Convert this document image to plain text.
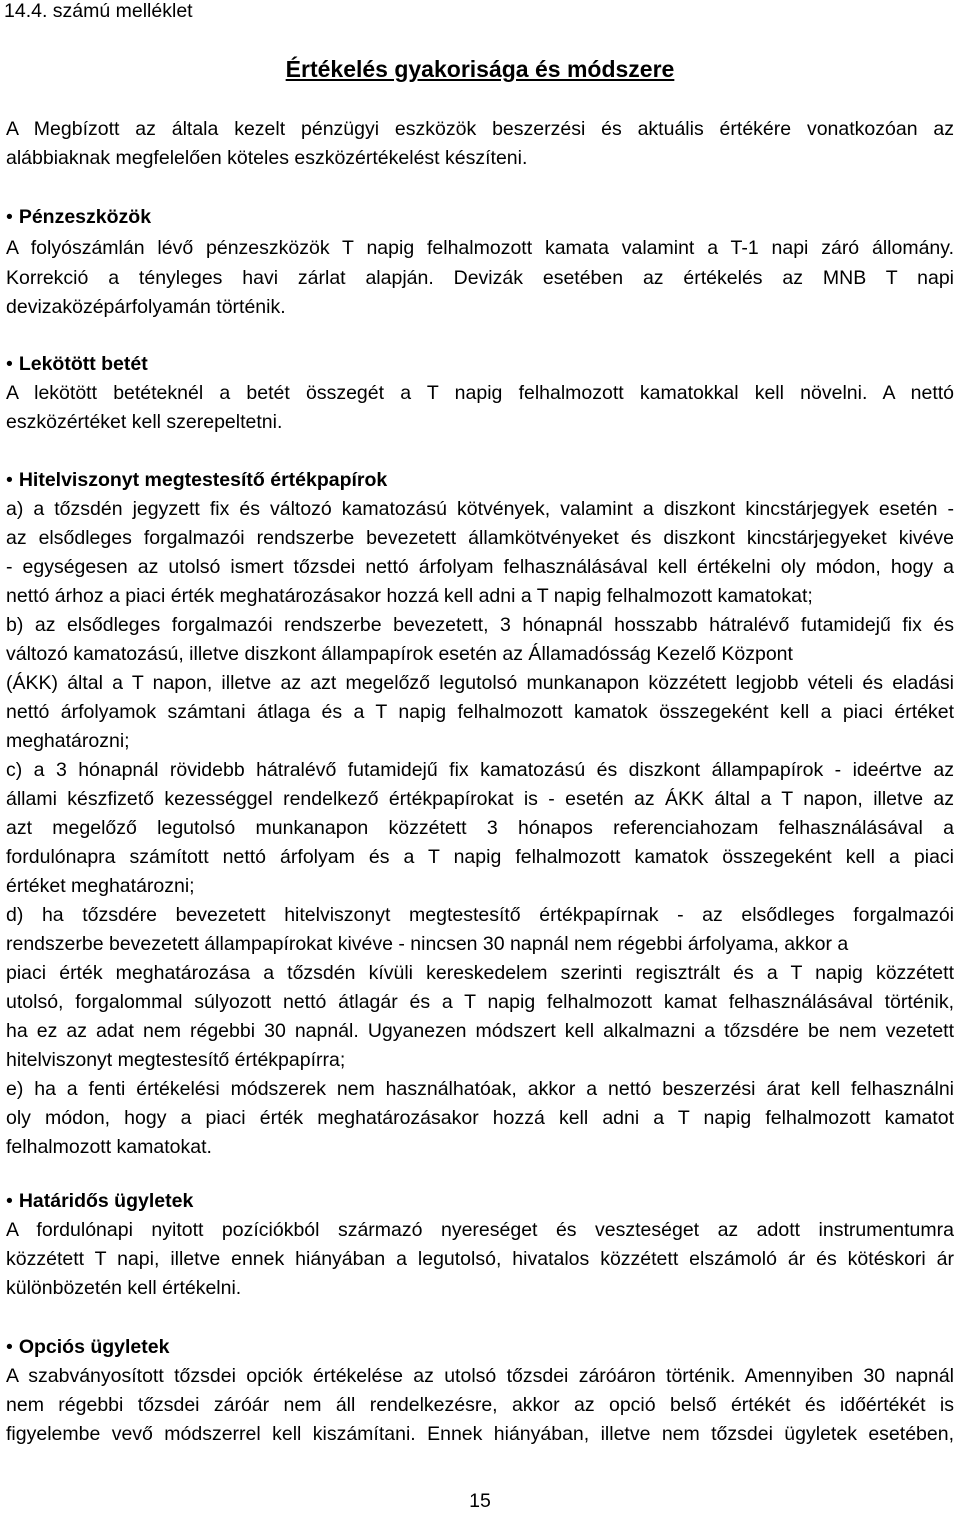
14.4. számú melléklet

Értékelés gyakorisága és módszere

A Megbízott az általa kezelt pénzügyi eszközök beszerzési és aktuális értékére vonatkozóan az

alábbiaknak megfelelően köteles eszközértékelést készíteni.

• Pénzeszközök

A folyószámlán lévő pénzeszközök T napig felhalmozott kamata valamint a T-1 napi záró állomány.

Korrekció a tényleges havi zárlat alapján. Devizák esetében az értékelés az MNB T napi

devizaközépárfolyamán történik.

• Lekötött betét

A lekötött betéteknél a betét összegét a T napig felhalmozott kamatokkal kell növelni. A nettó

eszközértéket kell szerepeltetni.

• Hitelviszonyt megtestesítő értékpapírok

a) a tőzsdén jegyzett fix és változó kamatozású kötvények, valamint a diszkont kincstárjegyek esetén -

az elsődleges forgalmazói rendszerbe bevezetett államkötvényeket és diszkont kincstárjegyeket kivéve

- egységesen az utolsó ismert tőzsdei nettó árfolyam felhasználásával kell értékelni oly módon, hogy a

nettó árhoz a piaci érték meghatározásakor hozzá kell adni a T napig felhalmozott kamatokat;

b) az elsődleges forgalmazói rendszerbe bevezetett, 3 hónapnál hosszabb hátralévő futamidejű fix és

változó kamatozású, illetve diszkont állampapírok esetén az Államadósság Kezelő Központ

(ÁKK) által a T napon, illetve az azt megelőző legutolsó munkanapon közzétett legjobb vételi és eladási

nettó árfolyamok számtani átlaga és a T napig felhalmozott kamatok összegeként kell a piaci értéket

meghatározni;

c) a 3 hónapnál rövidebb hátralévő futamidejű fix kamatozású és diszkont állampapírok - ideértve az

állami készfizető kezességgel rendelkező értékpapírokat is - esetén az ÁKK által a T napon, illetve az

azt megelőző legutolsó munkanapon közzétett 3 hónapos referenciahozam felhasználásával a

fordulónapra számított nettó árfolyam és a T napig felhalmozott kamatok összegeként kell a piaci

értéket meghatározni;

d) ha tőzsdére bevezetett hitelviszonyt megtestesítő értékpapírnak - az elsődleges forgalmazói

rendszerbe bevezetett állampapírokat kivéve - nincsen 30 napnál nem régebbi árfolyama, akkor a

piaci érték meghatározása a tőzsdén kívüli kereskedelem szerinti regisztrált és a T napig közzétett

utolsó, forgalommal súlyozott nettó átlagár és a T napig felhalmozott kamat felhasználásával történik,

ha ez az adat nem régebbi 30 napnál. Ugyanezen módszert kell alkalmazni a tőzsdére be nem vezetett

hitelviszonyt megtestesítő értékpapírra;

e) ha a fenti értékelési módszerek nem használhatóak, akkor a nettó beszerzési árat kell felhasználni

oly módon, hogy a piaci érték meghatározásakor hozzá kell adni a T napig felhalmozott kamatot

felhalmozott kamatokat.

• Határidős ügyletek

A fordulónapi nyitott pozíciókból származó nyereséget és veszteséget az adott instrumentumra

közzétett T napi, illetve ennek hiányában a legutolsó, hivatalos közzétett elszámoló ár és kötéskori ár

különbözetén kell értékelni.

• Opciós ügyletek

A szabványosított tőzsdei opciók értékelése az utolsó tőzsdei záróáron történik. Amennyiben 30 napnál

nem régebbi tőzsdei záróár nem áll rendelkezésre, akkor az opció belső értékét és időértékét is

figyelembe vevő módszerrel kell kiszámítani. Ennek hiányában, illetve nem tőzsdei ügyletek esetében,

15
